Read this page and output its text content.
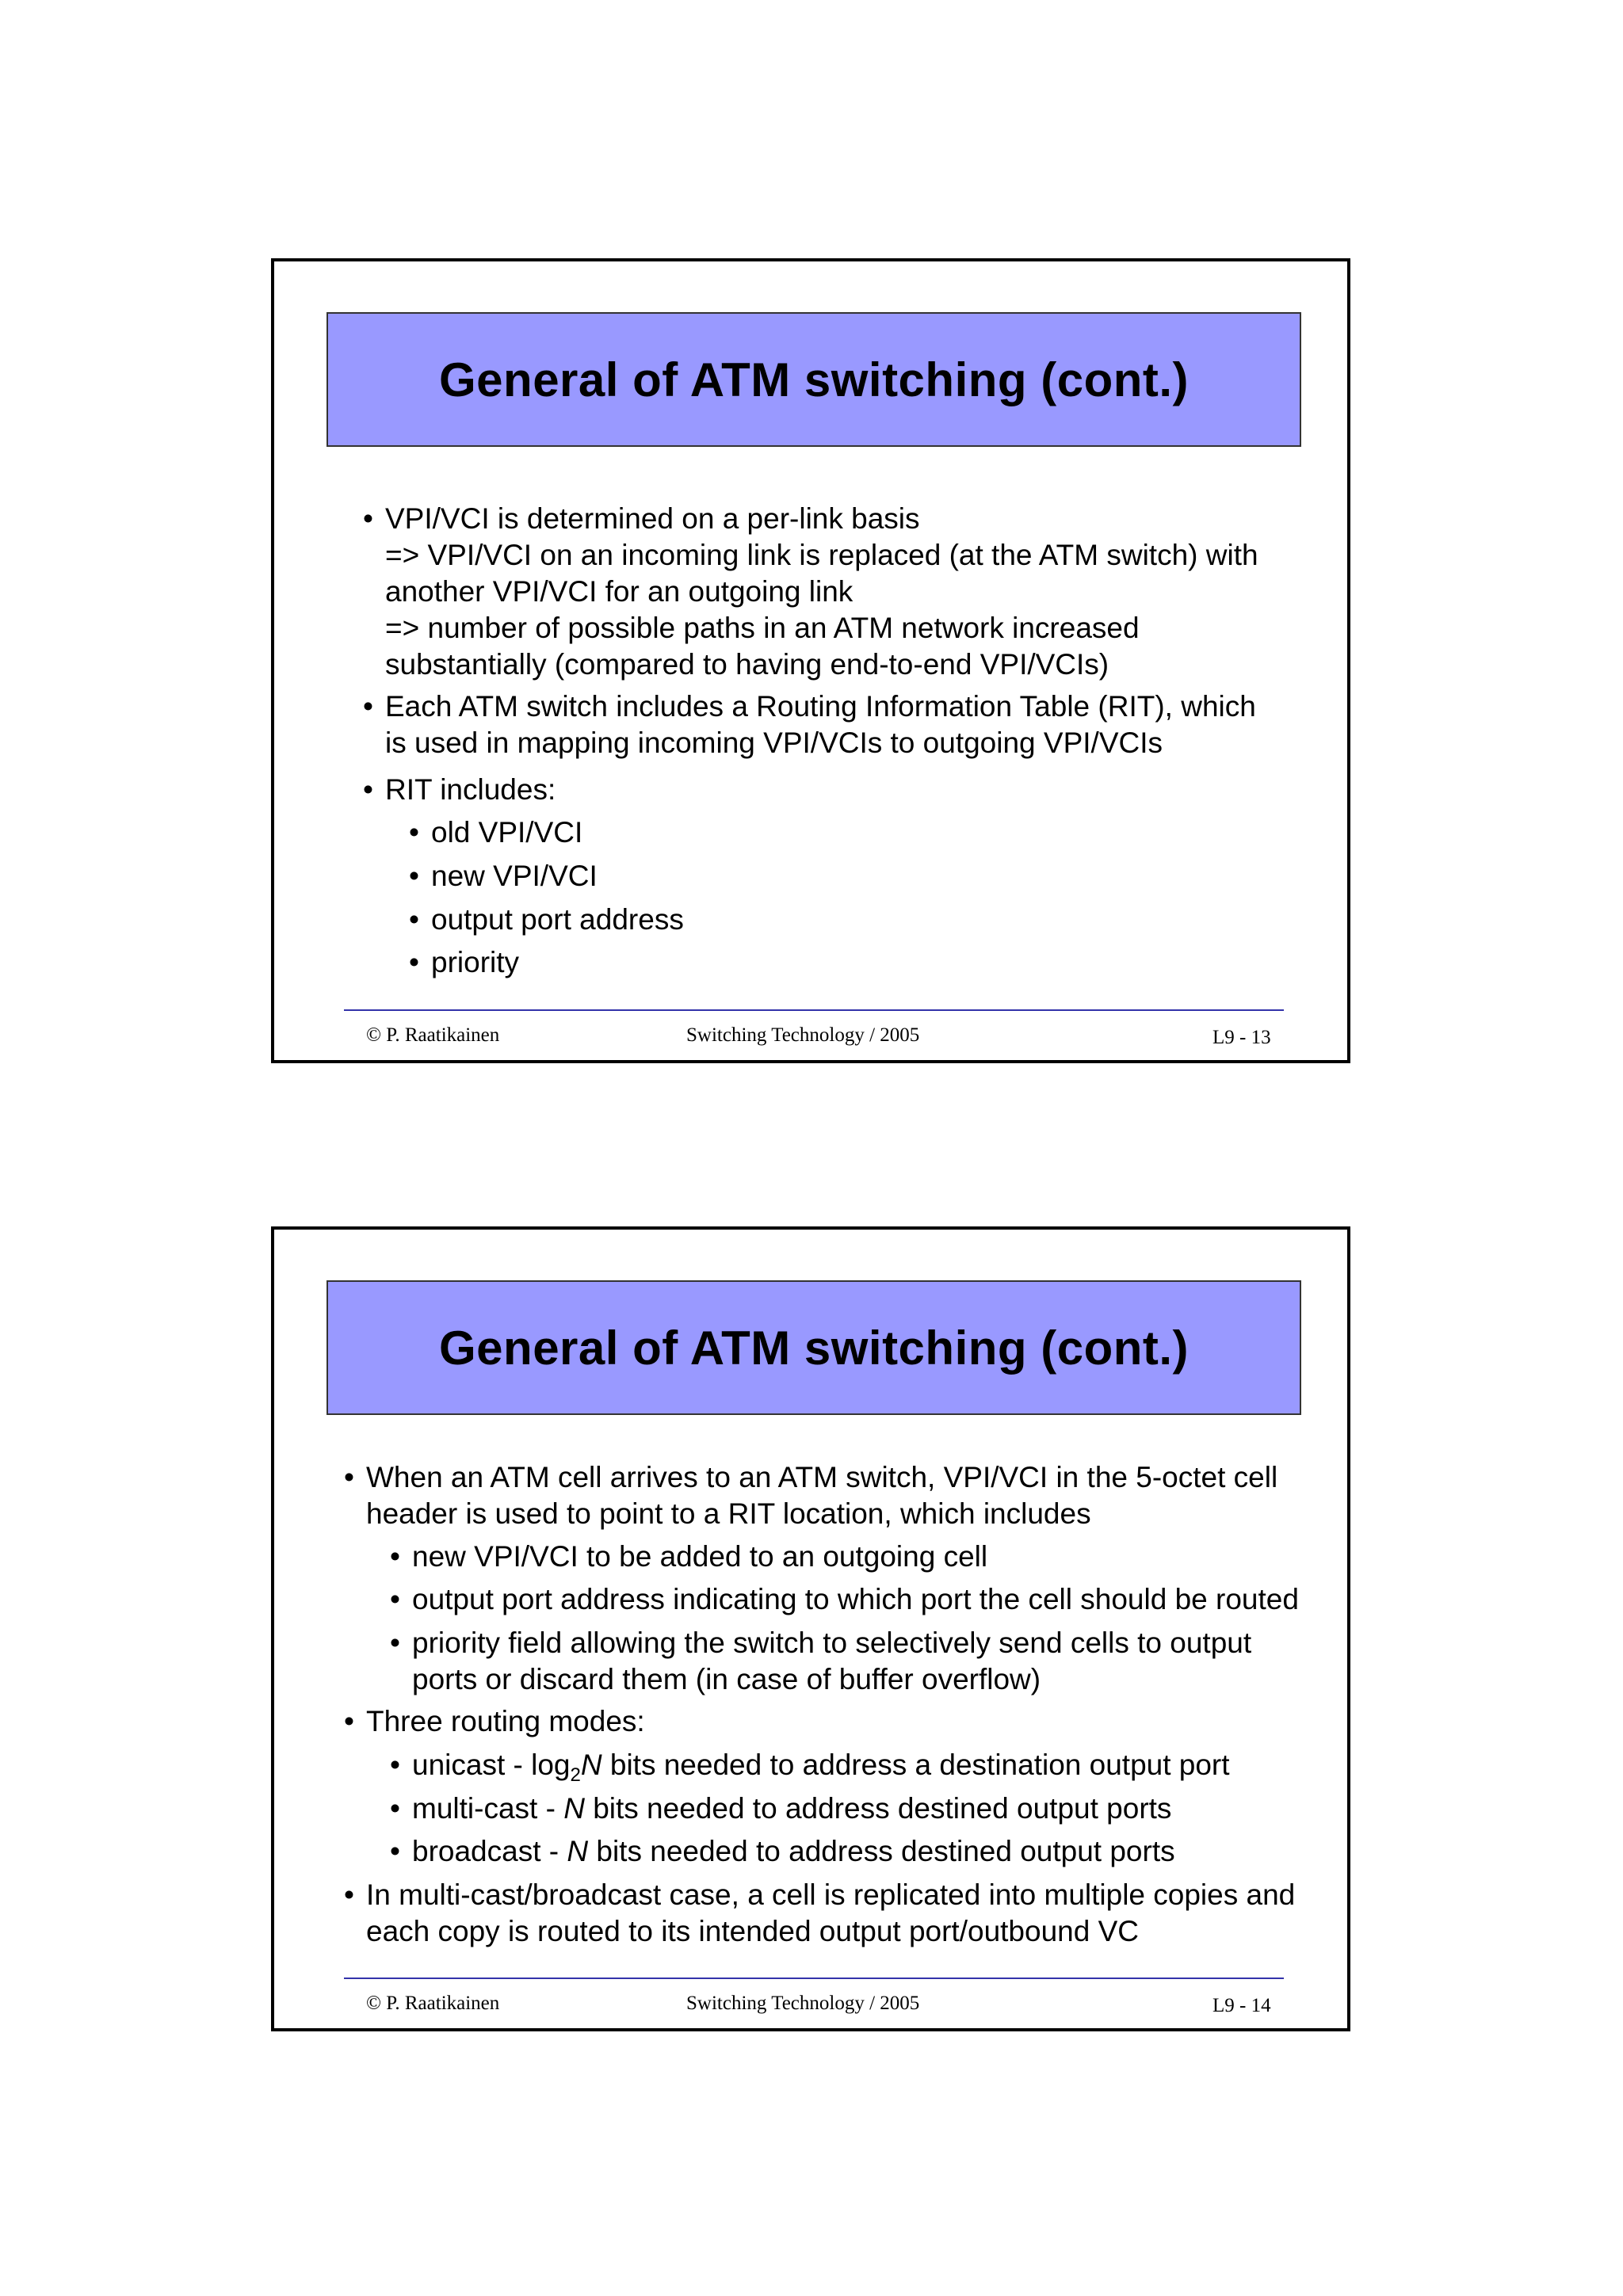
General of ATM switching (cont.)
• VPI/VCI is determined on a per-link basis
=> VPI/VCI on an incoming link is replaced (at the ATM switch) with
another VPI/VCI for an outgoing link
=> number of possible paths in an ATM network increased
substantially (compared to having end-to-end VPI/VCIs)
• Each ATM switch includes a Routing Information Table (RIT), which
is used in mapping incoming VPI/VCIs to outgoing VPI/VCIs
• RIT includes:
• old VPI/VCI
• new VPI/VCI
• output port address
• priority
© P. Raatikainen	Switching Technology / 2005	L9 - 13
General of ATM switching (cont.)
• When an ATM cell arrives to an ATM switch, VPI/VCI in the 5-octet cell
header is used to point to a RIT location, which includes
• new VPI/VCI to be added to an outgoing cell
• output port address indicating to which port the cell should be routed
• priority field allowing the switch to selectively send cells to output
ports or discard them (in case of buffer overflow)
• Three routing modes:
• unicast - $\log_2N$ bits needed to address a destination output port
• multi-cast - N bits needed to address destined output ports
• broadcast - N bits needed to address destined output ports
• In multi-cast/broadcast case, a cell is replicated into multiple copies and
each copy is routed to its intended output port/outbound VC
© P. Raatikainen	Switching Technology / 2005	L9 - 14
